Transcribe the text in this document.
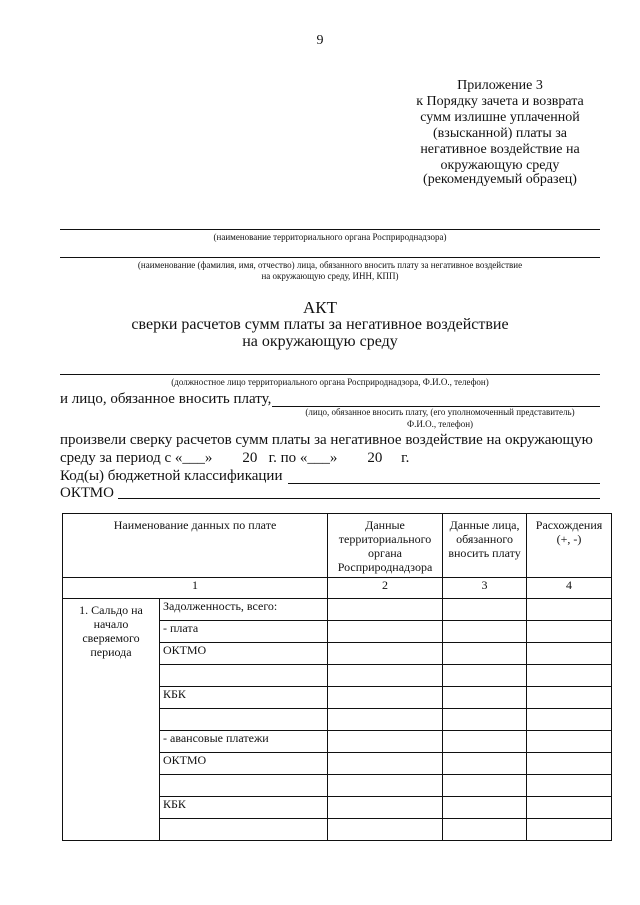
9
Приложение 3
к Порядку зачета и возврата
сумм излишне уплаченной
(взысканной) платы за
негативное воздействие на
окружающую среду
(рекомендуемый образец)
(наименование территориального органа Росприроднадзора)
(наименование (фамилия, имя, отчество) лица, обязанного вносить плату за негативное воздействие
на окружающую среду, ИНН, КПП)
АКТ
сверки расчетов сумм платы за негативное воздействие
на окружающую среду
(должностное лицо территориального органа Росприроднадзора, Ф.И.О., телефон)
и лицо, обязанное вносить плату,
(лицо, обязанное вносить плату, (его уполномоченный представитель)
Ф.И.О., телефон)
произвели сверку расчетов сумм платы за негативное воздействие на окружающую
среду за период с «___»        20   г. по «___»        20     г.
Код(ы) бюджетной классификации
ОКТМО
Наименование данных по плате		Данные территориального органа Росприроднадзора	Данные лица, обязанного вносить плату	Расхождения (+, -)
1		2	3	4
1. Сальдо на начало сверяемого периода	Задолженность, всего:			
	- плата			
	ОКТМО			

	КБК			

	- авансовые платежи			
	ОКТМО			

	КБК			
